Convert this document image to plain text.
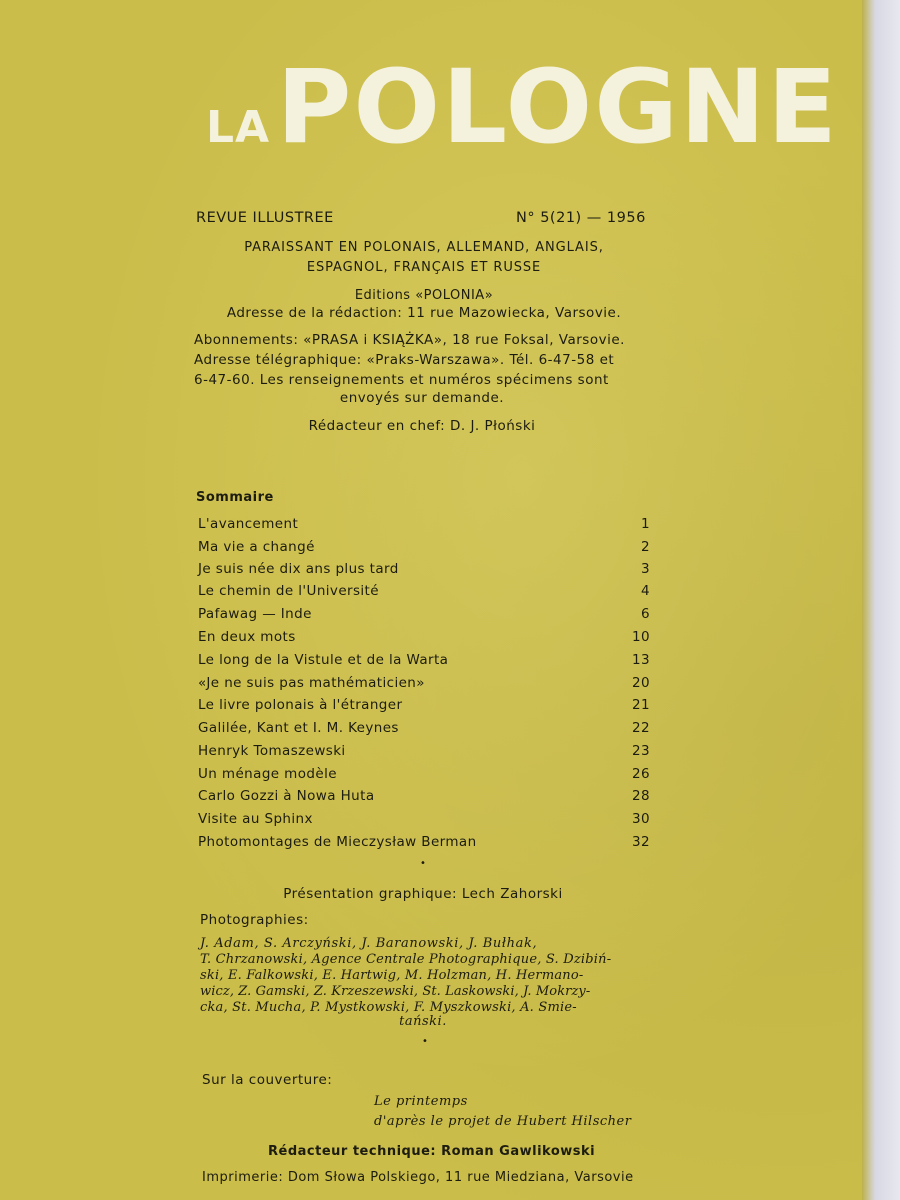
LA POLOGNE
REVUE ILLUSTREE	N° 5(21) — 1956
PARAISSANT EN POLONAIS, ALLEMAND, ANGLAIS,
ESPAGNOL, FRANÇAIS ET RUSSE
Editions «POLONIA»
Adresse de la rédaction: 11 rue Mazowiecka, Varsovie.
Abonnements: «PRASA i KSIĄŻKA», 18 rue Foksal, Varsovie.
Adresse télégraphique: «Praks-Warszawa». Tél. 6-47-58 et
6-47-60. Les renseignements et numéros spécimens sont
envoyés sur demande.
Rédacteur en chef: D. J. Płoński
Sommaire
L'avancement	1
Ma vie a changé	2
Je suis née dix ans plus tard	3
Le chemin de l'Université	4
Pafawag — Inde	6
En deux mots	10
Le long de la Vistule et de la Warta	13
«Je ne suis pas mathématicien»	20
Le livre polonais à l'étranger	21
Galilée, Kant et I. M. Keynes	22
Henryk Tomaszewski	23
Un ménage modèle	26
Carlo Gozzi à Nowa Huta	28
Visite au Sphinx	30
Photomontages de Mieczysław Berman	32
•
Présentation graphique: Lech Zahorski
Photographies:
J. Adam, S. Arczyński, J. Baranowski, J. Bułhak,
T. Chrzanowski, Agence Centrale Photographique, S. Dzibiń-
ski, E. Falkowski, E. Hartwig, M. Holzman, H. Hermano-
wicz, Z. Gamski, Z. Krzeszewski, St. Laskowski, J. Mokrzy-
cka, St. Mucha, P. Mystkowski, F. Myszkowski, A. Smie-
tański.
•
Sur la couverture:
Le printemps
d'après le projet de Hubert Hilscher
Rédacteur technique: Roman Gawlikowski
Imprimerie: Dom Słowa Polskiego, 11 rue Miedziana, Varsovie
